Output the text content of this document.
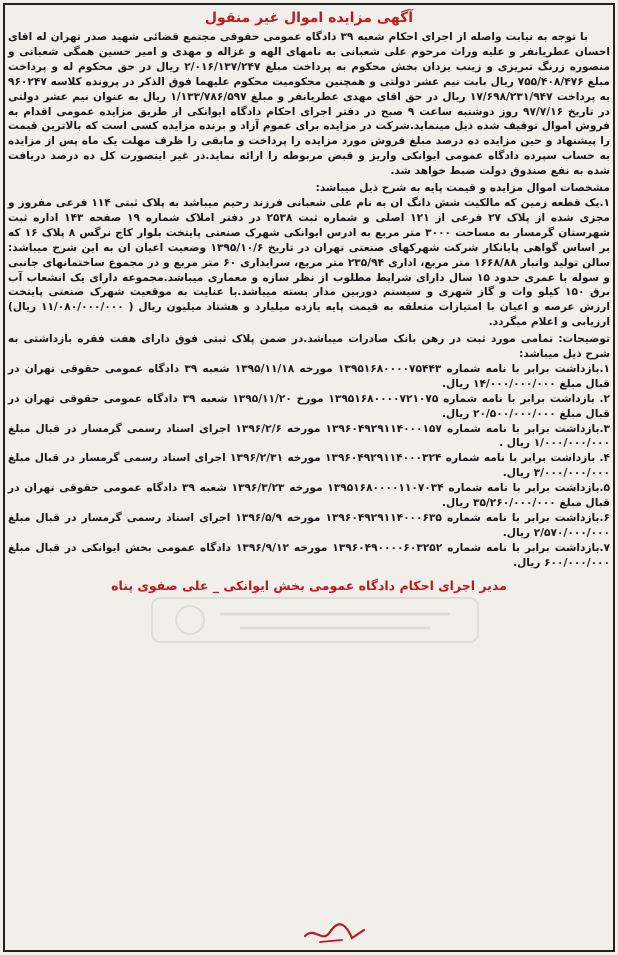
آگهی مزایده اموال غیر منقول

با توجه به نیابت واصله از اجرای احکام شعبه ۳۹ دادگاه عمومی حقوقی مجتمع قضائی شهید صدر تهران له اقای احسان عطریانفر و علیه وراث مرحوم علی شعبانی به نامهای الهه و غزاله و مهدی و امیر حسین همگی شعبانی و منصوره زرنگ تبریزی و زینب یزدان بخش محکوم به پرداخت مبلغ ۲/۰۱۶/۱۳۷/۲۴۷ ریال در حق محکوم له و پرداخت مبلغ ۷۵۵/۴۰۸/۴۷۶ ریال بابت نیم عشر دولتی و همچنین محکومیت محکوم علیهما فوق الذکر در پرونده کلاسه ۹۶۰۲۴۷ به پرداخت ۱۷/۶۹۸/۲۳۱/۹۴۷ ریال در حق اقای مهدی عطریانفر و مبلغ ۱/۱۳۳/۷۸۶/۵۹۷ ریال به عنوان نیم عشر دولتی در تاریخ ۹۷/۷/۱۶ روز دوشنبه ساعت ۹ صبح در دفتر اجرای احکام دادگاه ایوانکی از طریق مزایده عمومی اقدام به فروش اموال توقیف شده ذیل مینماید.شرکت در مزایده برای عموم آزاد و برنده مزایده کسی است که بالاترین قیمت را پیشنهاد و حین مزایده ده درصد مبلغ فروش مورد مزایده را پرداخت و مابقی را ظرف مهلت یک ماه پس از مزایده به حساب سپرده دادگاه عمومی ایوانکی واریز و قبض مربوطه را ارائه نماید.در غیر اینصورت کل ده درصد دریافت شده به نفع صندوق دولت ضبط خواهد شد.

مشخصات اموال مزایده و قیمت پایه به شرح ذیل میباشد:

۱.یک قطعه زمین که مالکیت شش دانگ ان به نام علی شعبانی فرزند رحیم میباشد به پلاک ثبتی ۱۱۴ فرعی مفروز و مجزی شده از پلاک ۲۷ فرعی از ۱۲۱ اصلی و شماره ثبت ۲۵۳۸ در دفتر املاک شماره ۱۹ صفحه ۱۴۳ اداره ثبت شهرستان گرمسار به مساحت ۳۰۰۰ متر مربع به ادرس ایوانکی شهرک صنعتی پایتخت بلوار کاج نرگس ۸ پلاک ۱۶ که بر اساس گواهی پایانکار شرکت شهرکهای صنعتی تهران در تاریخ ۱۳۹۵/۱۰/۶ وضعیت اعیان ان به این شرح میباشد: سالن تولید وانبار ۱۶۶۸/۸۸ متر مربع، اداری ۲۳۵/۹۴ متر مربع، سرایداری ۶۰ متر مربع و در مجموع ساختمانهای جانبی و سوله با عمری حدود ۱۵ سال دارای شرایط مطلوب از نظر سازه و معماری میباشد.مجموعه دارای یک انشعاب آب برق ۱۵۰ کیلو وات و گاز شهری و سیستم دوربین مدار بسته میباشد.با عنایت به موقعیت شهرک صنعتی پایتخت ارزش عرصه و اعیان با امتیازات متعلقه به قیمت پایه یازده میلیارد و هشتاد میلیون ریال ( ۱۱/۰۸۰/۰۰۰/۰۰۰ ریال) ارزیابی و اعلام میگردد.

توضیحات: تمامی مورد ثبت در رهن بانک صادرات میباشد.در ضمن پلاک ثبتی فوق دارای هفت فقره بازداشتی به شرح ذیل میباشد:

۱.بازداشت برابر با نامه شماره ۱۳۹۵۱۶۸۰۰۰۰۷۵۴۴۳ مورخه ۱۳۹۵/۱۱/۱۸ شعبه ۳۹ دادگاه عمومی حقوقی تهران در قبال مبلغ ۱۴/۰۰۰/۰۰۰/۰۰۰ ریال.

۲. بازداشت برابر با نامه شماره ۱۳۹۵۱۶۸۰۰۰۰۷۲۱۰۷۵ مورخ ۱۳۹۵/۱۱/۲۰ شعبه ۳۹ دادگاه عمومی حقوقی تهران در قبال مبلغ ۲۰/۵۰۰/۰۰۰/۰۰۰ ریال.

۳.بازداشت برابر با نامه شماره ۱۳۹۶۰۴۹۲۹۱۱۴۰۰۰۱۵۷ مورخه ۱۳۹۶/۲/۶ اجرای اسناد رسمی گرمسار در قبال مبلغ ۱/۰۰۰/۰۰۰/۰۰۰ ریال .

۴. بازداشت برابر با نامه شماره ۱۳۹۶۰۴۹۲۹۱۱۴۰۰۰۳۲۴ مورخه ۱۳۹۶/۲/۳۱ اجرای اسناد رسمی گرمسار در قبال مبلغ ۳/۰۰۰/۰۰۰/۰۰۰ ریال.

۵.بازداشت برابر با نامه شماره ۱۳۹۵۱۶۸۰۰۰۰۱۱۰۷۰۳۴ مورخه ۱۳۹۶/۳/۲۳ شعبه ۳۹ دادگاه عمومی حقوقی تهران در قبال مبلغ ۳۵/۲۶۰/۰۰۰/۰۰۰ ریال.

۶.بازداشت برابر با نامه شماره ۱۳۹۶۰۴۹۲۹۱۱۴۰۰۰۶۳۵ مورخه ۱۳۹۶/۵/۹ اجرای اسناد رسمی گرمسار در قبال مبلغ ۲/۵۷۰/۰۰۰/۰۰۰ ریال.

۷.بازداشت برابر با نامه شماره ۱۳۹۶۰۴۹۰۰۰۰۶۰۳۲۵۲ مورخه ۱۳۹۶/۹/۱۲ دادگاه عمومی بخش ایوانکی در قبال مبلغ ۶۰۰/۰۰۰/۰۰۰ ریال.

مدیر اجرای احکام دادگاه عمومی بخش ایوانکی _ علی صفوی پناه
